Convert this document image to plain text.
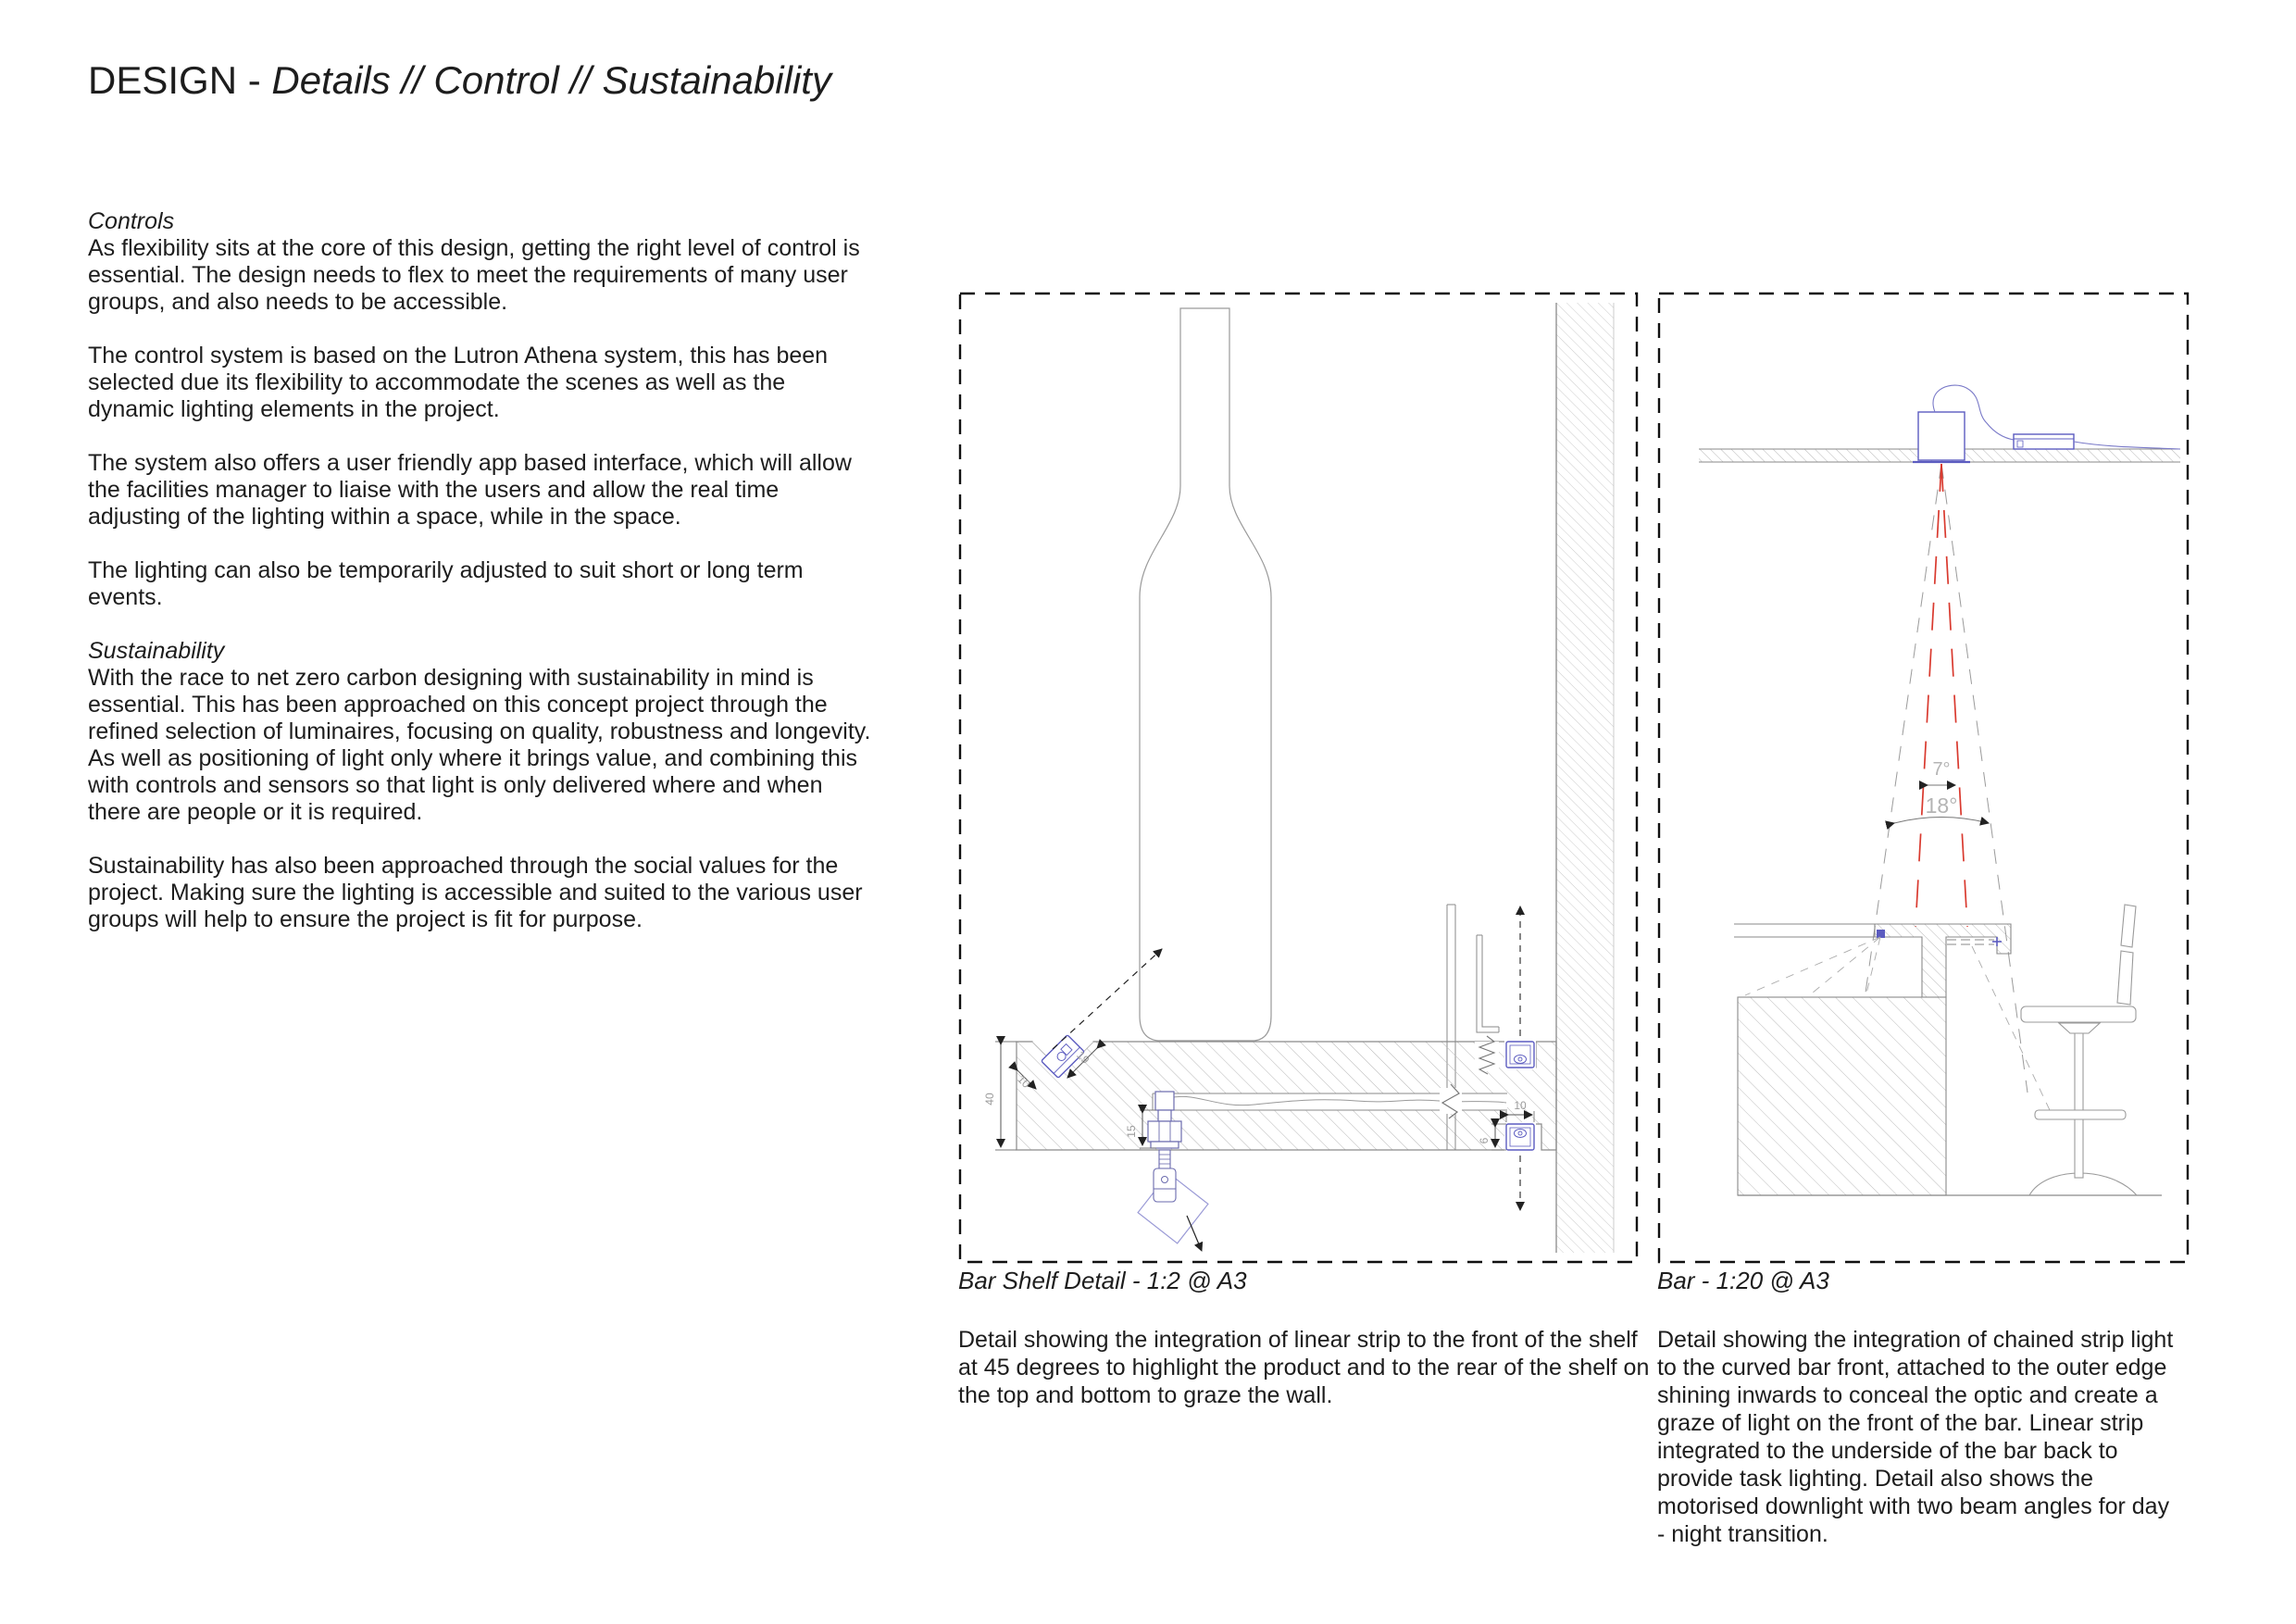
DESIGN - Details // Control // Sustainability

Controls
As flexibility sits at the core of this design, getting the right level of control is essential. The design needs to flex to meet the requirements of many user groups, and also needs to be accessible.

The control system is based on the Lutron Athena system, this has been selected due its flexibility to accommodate the scenes as well as the dynamic lighting elements in the project.

The system also offers a user friendly app based interface, which will allow the facilities manager to liaise with the users and allow the real time adjusting of the lighting within a space, while in the space.

The lighting can also be temporarily adjusted to suit short or long term events.

Sustainability
With the race to net zero carbon designing with sustainability in mind is essential. This has been approached on this concept project through the refined selection of luminaires, focusing on quality, robustness and longevity. As well as positioning of light only where it brings value, and combining this with controls and sensors so that light is only delivered where and when there are people or it is required.

Sustainability has also been approached through the social values for the project. Making sure the lighting is accessible and suited to the various user groups will help to ensure the project is fit for purpose.

19
10
40
15
10
6
7°
18°
Bar Shelf Detail - 1:2 @ A3	Bar - 1:20 @ A3
Detail showing the integration of linear strip to the front of the shelf at 45 degrees to highlight the product and to the rear of the shelf on the top and bottom to graze the wall.
Detail showing the integration of chained strip light to the curved bar front, attached to the outer edge shining inwards to conceal the optic and create a graze of light on the front of the bar. Linear strip integrated to the underside of the bar back to provide task lighting. Detail also shows the motorised downlight with two beam angles for day - night transition.
